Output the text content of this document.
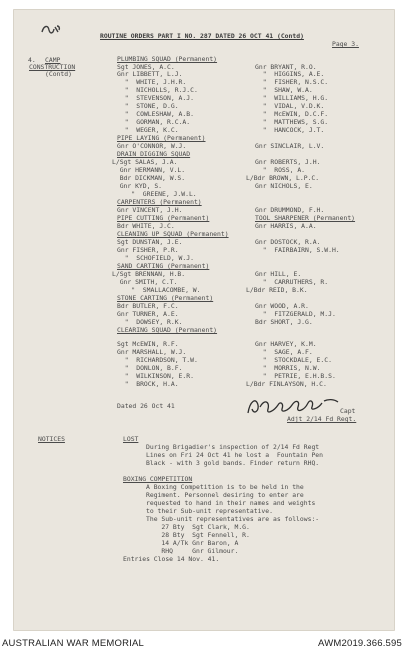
ROUTINE ORDERS PART I NO. 287 DATED 26 OCT 41 (Contd)
Page 3.
4. CAMP
CONSTRUCTION
(Contd)
PLUMBING SQUAD (Permanent)
Sgt JONES, A.C.
Gnr LIBBETT, L.J.
"  WHITE, J.H.R.
"  NICHOLLS, R.J.C.
"  STEVENSON, A.J.
"  STONE, D.G.
"  COWLESHAW, A.B.
"  GORMAN, R.C.A.
"  WEGER, K.C.
PIPE LAYING (Permanent)
Gnr O'CONNOR, W.J.
DRAIN DIGGING SQUAD
L/Sgt SALAS, J.A.
Gnr HERMANN, V.L.
Bdr DICKMAN, W.S.
Gnr KYD, S.
"  GREENE, J.W.L.
CARPENTERS (Permanent)
Gnr VINCENT, J.H.
PIPE CUTTING (Permanent)
Bdr WHITE, J.C.
CLEANING UP SQUAD (Permanent)
Sgt DUNSTAN, J.E.
Gnr FISHER, P.R.
"  SCHOFIELD, W.J.
SAND CARTING (Permanent)
L/Sgt BRENNAN, H.B.
Gnr SMITH, C.T.
"  SMALLACOMBE, W.
STONE CARTING (Permanent)
Bdr BUTLER, F.C.
Gnr TURNER, A.E.
"  DOWSEY, R.K.
CLEARING SQUAD (Permanent)
Sgt McEWIN, R.F.
Gnr MARSHALL, W.J.
"  RICHARDSON, T.W.
"  DONLON, B.F.
"  WILKINSON, E.R.
"  BROCK, H.A.
Gnr BRYANT, R.O.
"  HIGGINS, A.E.
"  FISHER, N.S.C.
"  SHAW, W.A.
"  WILLIAMS, H.G.
"  VIDAL, V.D.K.
"  McEWIN, D.C.F.
"  MATTHEWS, S.G.
"  HANCOCK, J.T.
Gnr SINCLAIR, L.V.
Gnr ROBERTS, J.H.
"  ROSS, A.
L/Bdr BROWN, L.P.C.
Gnr NICHOLS, E.
Gnr DRUMMOND, F.H.
TOOL SHARPENER (Permanent)
Gnr HARRIS, A.A.
Gnr DOSTOCK, R.A.
"  FAIRBAIRN, S.W.H.
Gnr HILL, E.
"  CARRUTHERS, R.
L/Bdr REID, B.K.
Gnr WOOD, A.R.
"  FITZGERALD, M.J.
Bdr SHORT, J.G.
Gnr HARVEY, K.M.
"  SAGE, A.F.
"  STOCKDALE, E.C.
"  MORRIS, N.W.
"  PETRIE, E.H.B.S.
L/Bdr FINLAYSON, H.C.
Dated 26 Oct 41
Capt
Adjt 2/14 Fd Regt.
NOTICES	LOST
During Brigadier's inspection of 2/14 Fd Regt
Lines on Fri 24 Oct 41 he lost a  Fountain Pen
Black - with 3 gold bands. Finder return RHQ.
BOXING COMPETITION
A Boxing Competition is to be held in the
Regiment. Personnel desiring to enter are
requested to hand in their names and weights
to their Sub-unit representative.
The Sub-unit representatives are as follows:-
27 Bty  Sgt Clark, M.G.
28 Bty  Sgt Fennell, R.
14 A/Tk Gnr Baron, A
RHQ     Gnr Gilmour.
Entries Close 14 Nov. 41.
AUSTRALIAN WAR MEMORIAL	AWM2019.366.595
